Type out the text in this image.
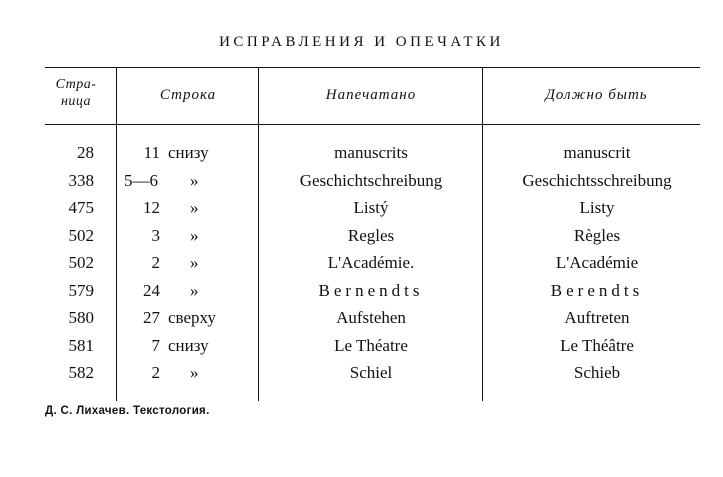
ИСПРАВЛЕНИЯ И ОПЕЧАТКИ
Стра-
ница	Строка	Напечатано	Должно быть
28	11 снизу	manuscrits	manuscrit
338	5—6 »	Geschichtschreibung	Geschichtsschreibung
475	12 »	Listý	Listy
502	3 »	Regles	Règles
502	2 »	L'Académie.	L'Académie
579	24 »	Bernendts	Berendts
580	27 сверху	Aufstehen	Auftreten
581	7 снизу	Le Théatre	Le Théâtre
582	2 »	Schiel	Schieb
Д. С. Лихачев. Текстология.
